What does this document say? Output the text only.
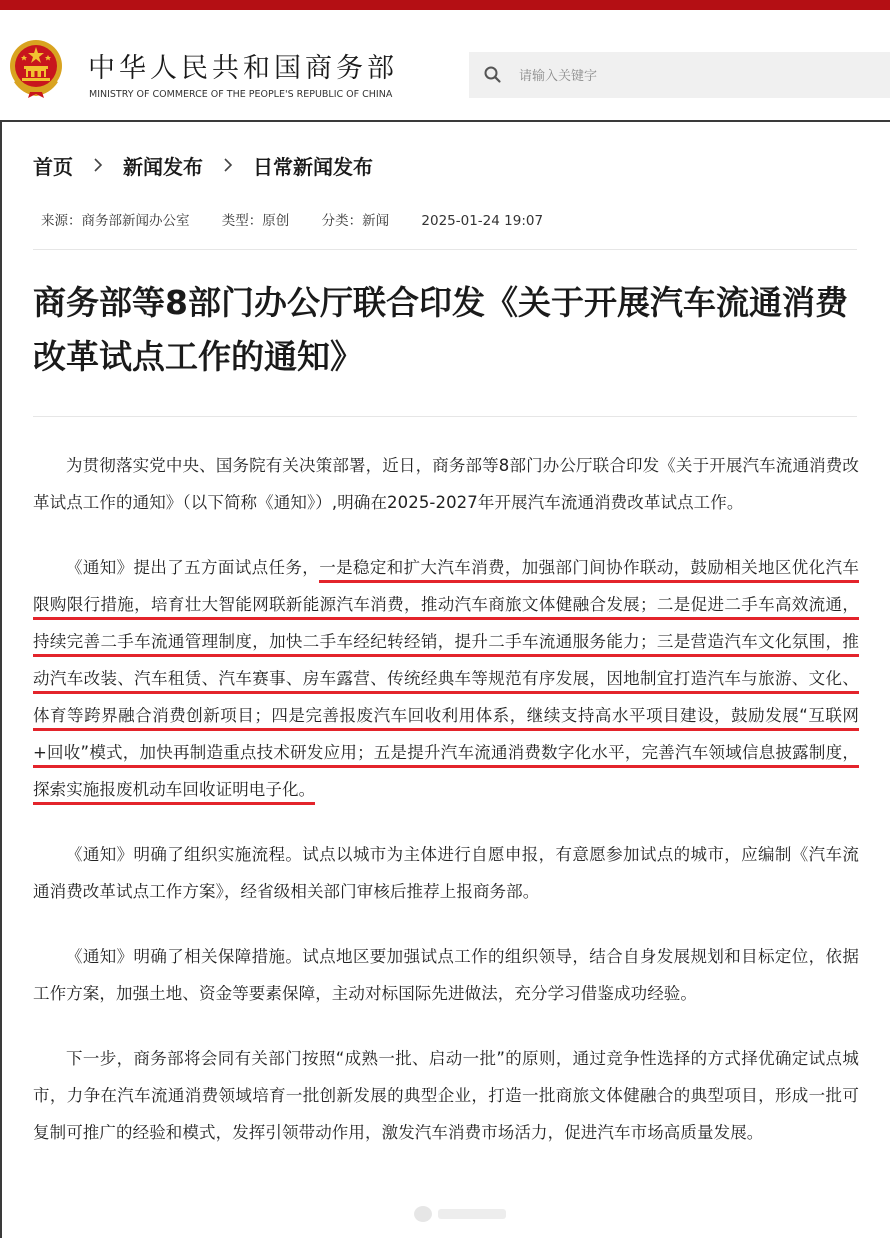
中华人民共和国商务部
MINISTRY OF COMMERCE OF THE PEOPLE'S REPUBLIC OF CHINA
请输入关键字
首页	新闻发布	日常新闻发布
来源：商务部新闻办公室 类型：原创 分类：新闻 2025-01-24 19:07
商务部等8部门办公厅联合印发《关于开展汽车流通消费改革试点工作的通知》

为贯彻落实党中央、国务院有关决策部署，近日，商务部等8部门办公厅联合印发《关于开展汽车流通消费改革试点工作的通知》（以下简称《通知》）,明确在2025-2027年开展汽车流通消费改革试点工作。

《通知》提出了五方面试点任务，一是稳定和扩大汽车消费，加强部门间协作联动，鼓励相关地区优化汽车限购限行措施，培育壮大智能网联新能源汽车消费，推动汽车商旅文体健融合发展；二是促进二手车高效流通，持续完善二手车流通管理制度，加快二手车经纪转经销，提升二手车流通服务能力；三是营造汽车文化氛围，推动汽车改装、汽车租赁、汽车赛事、房车露营、传统经典车等规范有序发展，因地制宜打造汽车与旅游、文化、体育等跨界融合消费创新项目；四是完善报废汽车回收利用体系，继续支持高水平项目建设，鼓励发展“互联网+回收”模式，加快再制造重点技术研发应用；五是提升汽车流通消费数字化水平，完善汽车领域信息披露制度，探索实施报废机动车回收证明电子化。

《通知》明确了组织实施流程。试点以城市为主体进行自愿申报，有意愿参加试点的城市，应编制《汽车流通消费改革试点工作方案》，经省级相关部门审核后推荐上报商务部。

《通知》明确了相关保障措施。试点地区要加强试点工作的组织领导，结合自身发展规划和目标定位，依据工作方案，加强土地、资金等要素保障，主动对标国际先进做法，充分学习借鉴成功经验。

下一步，商务部将会同有关部门按照“成熟一批、启动一批”的原则，通过竞争性选择的方式择优确定试点城市，力争在汽车流通消费领域培育一批创新发展的典型企业，打造一批商旅文体健融合的典型项目，形成一批可复制可推广的经验和模式，发挥引领带动作用，激发汽车消费市场活力，促进汽车市场高质量发展。
